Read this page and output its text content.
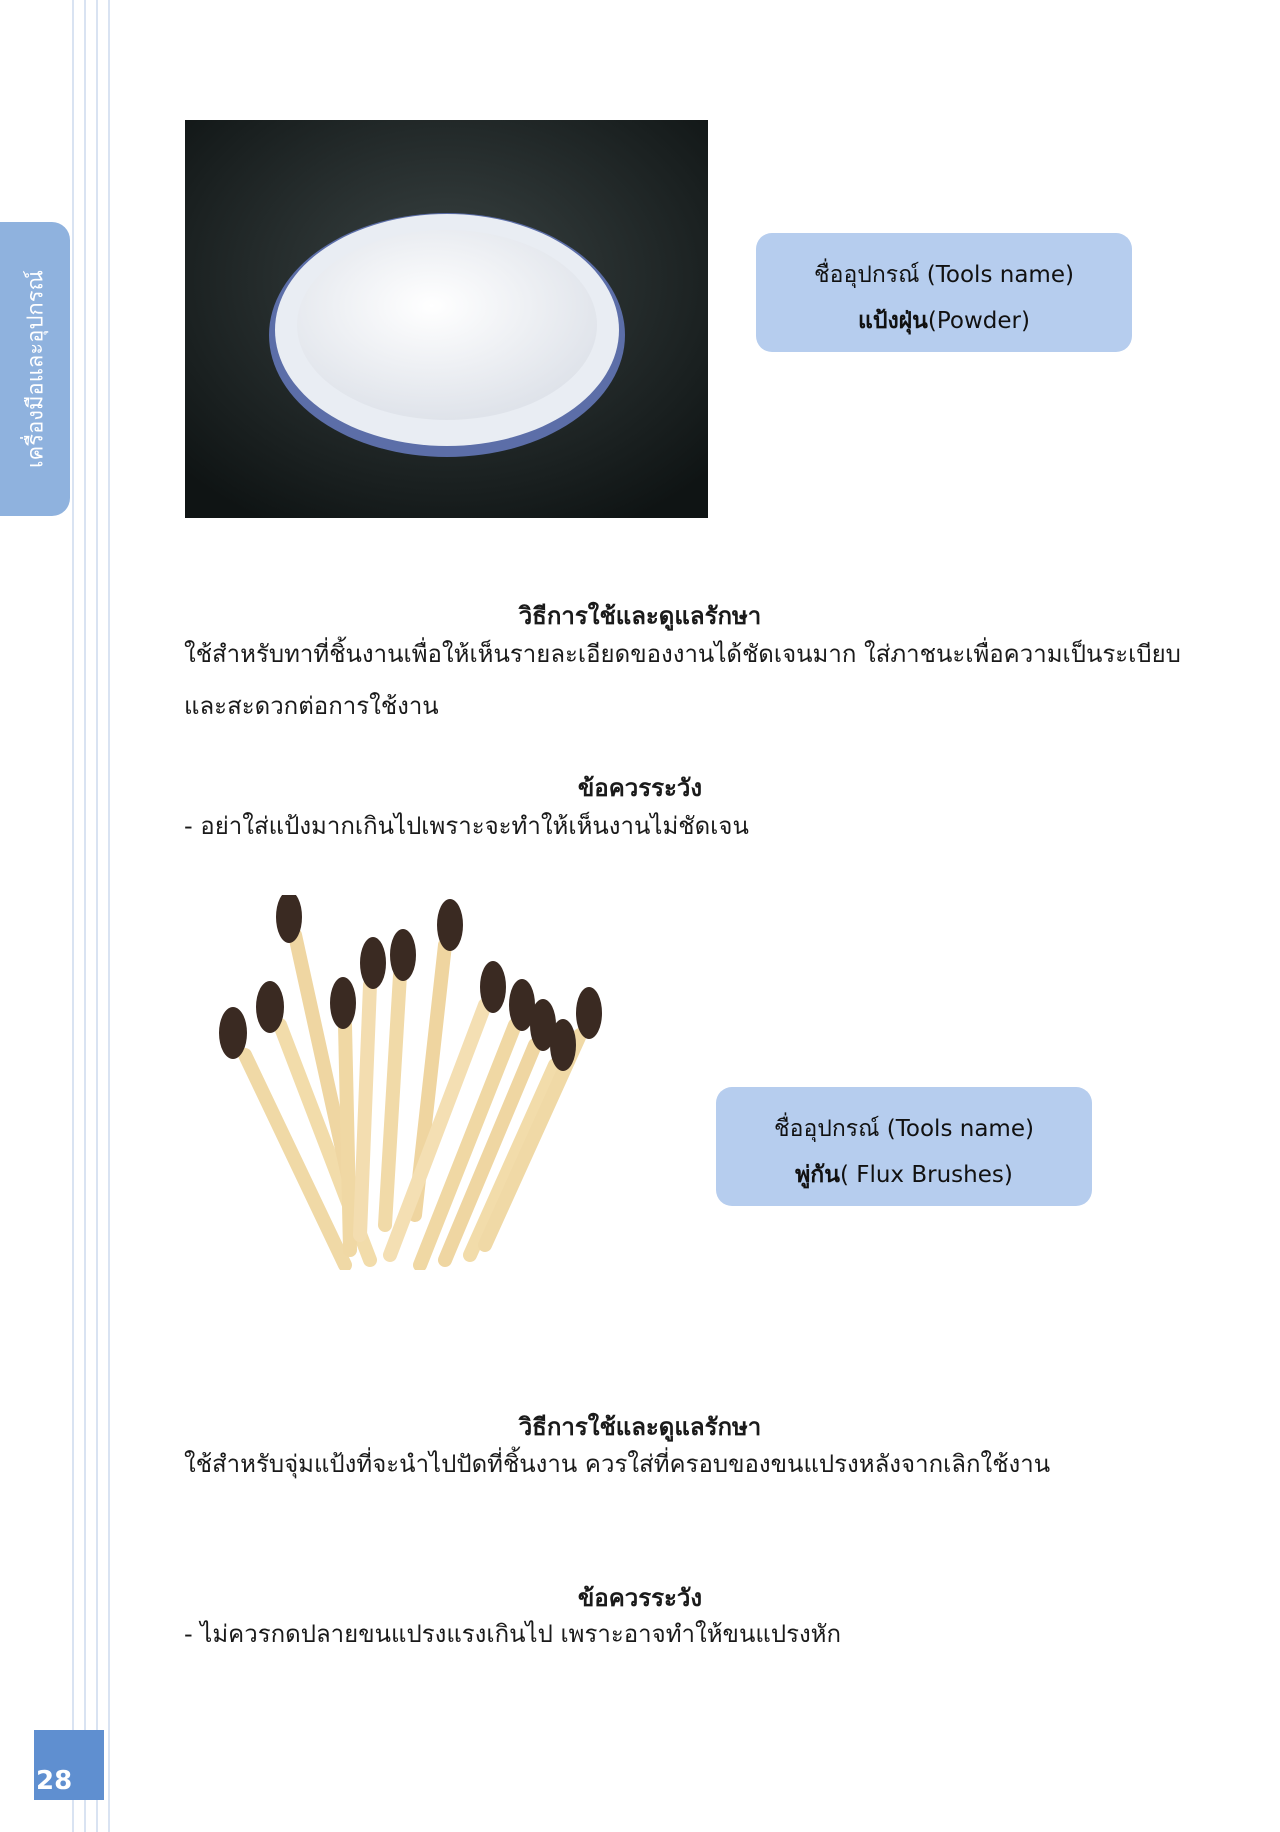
เครื่องมือและอุปกรณ์	ชื่ออุปกรณ์ (Tools name)
แป้งฝุ่น(Powder)
วิธีการใช้และดูแลรักษา
ใช้สำหรับทาที่ชิ้นงานเพื่อให้เห็นรายละเอียดของงานได้ชัดเจนมาก ใส่ภาชนะเพื่อความเป็นระเบียบและสะดวกต่อการใช้งาน
ข้อควรระวัง
- อย่าใส่แป้งมากเกินไปเพราะจะทำให้เห็นงานไม่ชัดเจน
ชื่ออุปกรณ์ (Tools name)
พู่กัน( Flux Brushes)
วิธีการใช้และดูแลรักษา
ใช้สำหรับจุ่มแป้งที่จะนำไปปัดที่ชิ้นงาน ควรใส่ที่ครอบของขนแปรงหลังจากเลิกใช้งาน
ข้อควรระวัง
- ไม่ควรกดปลายขนแปรงแรงเกินไป เพราะอาจทำให้ขนแปรงหัก
28
